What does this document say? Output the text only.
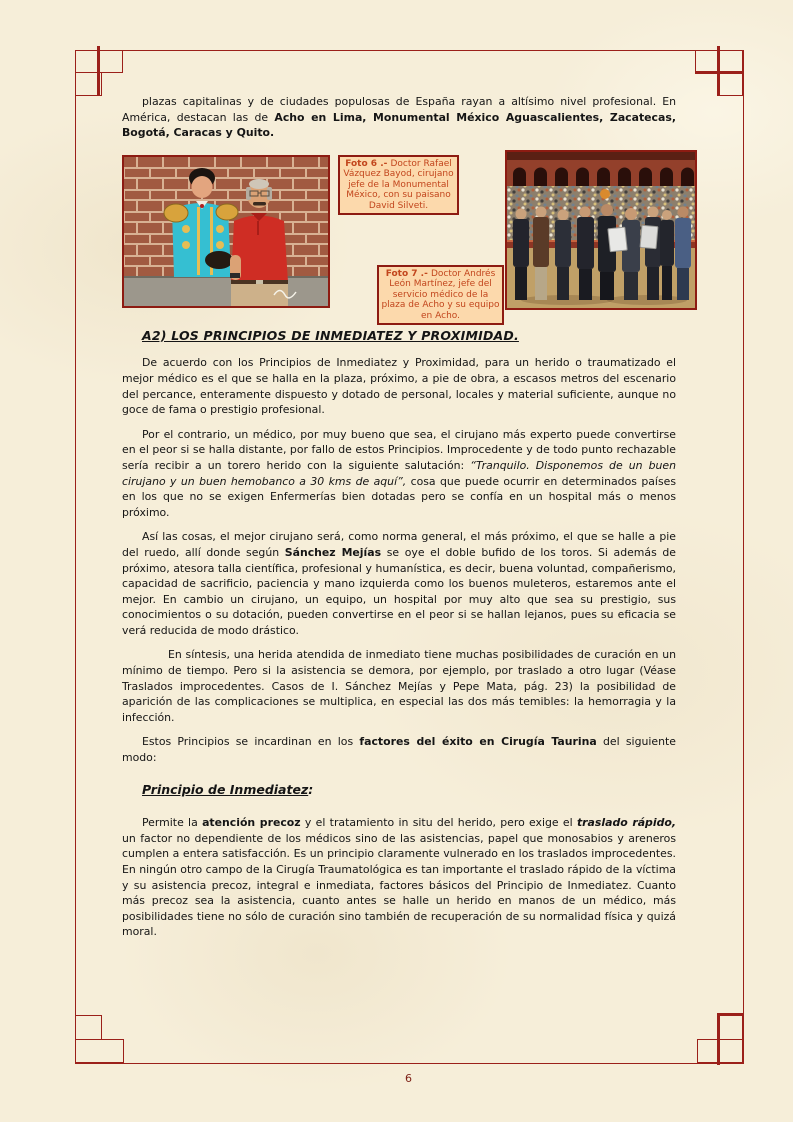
plazas capitalinas y de ciudades populosas de España rayan a altísimo nivel profesional. En América, destacan las de Acho en Lima, Monumental México Aguascalientes, Zacatecas, Bogotá, Caracas y Quito.

Foto 6 .- Doctor Rafael Vázquez Bayod, cirujano jefe de la Monumental México, con su paisano David Silveti.
Foto 7 .- Doctor Andrés León Martínez, jefe del servicio médico de la plaza de Acho y su equipo en Acho.
A2) LOS PRINCIPIOS DE INMEDIATEZ Y PROXIMIDAD.

De acuerdo con los Principios de Inmediatez y Proximidad, para un herido o traumatizado el mejor médico es el que se halla en la plaza, próximo, a pie de obra, a escasos metros del escenario del percance, enteramente dispuesto y dotado de personal, locales y material suficiente, aunque no goce de fama o prestigio profesional.

Por el contrario, un médico, por muy bueno que sea, el cirujano más experto puede convertirse en el peor si se halla distante, por fallo de estos Principios. Improcedente y de todo punto rechazable sería recibir a un torero herido con la siguiente salutación: “Tranquilo. Disponemos de un buen cirujano y un buen hemobanco a 30 kms de aquí”, cosa que puede ocurrir en determinados países en los que no se exigen Enfermerías bien dotadas pero se confía en un hospital más o menos próximo.

Así las cosas, el mejor cirujano será, como norma general, el más próximo, el que se halle a pie del ruedo, allí donde según Sánchez Mejías se oye el doble bufido de los toros. Si además de próximo, atesora talla científica, profesional y humanística, es decir, buena voluntad, compañerismo, capacidad de sacrificio, paciencia y mano izquierda como los buenos muleteros, estaremos ante el mejor. En cambio un cirujano, un equipo, un hospital por muy alto que sea su prestigio, sus conocimientos o su dotación, pueden convertirse en el peor si se hallan lejanos, pues su eficacia se verá reducida de modo drástico.

En síntesis, una herida atendida de inmediato tiene muchas posibilidades de curación en un mínimo de tiempo. Pero si la asistencia se demora, por ejemplo, por traslado a otro lugar (Véase Traslados improcedentes. Casos de I. Sánchez Mejías y Pepe Mata, pág. 23) la posibilidad de aparición de las complicaciones se multiplica, en especial las dos más temibles: la hemorragia y la infección.

Estos Principios se incardinan en los factores del éxito en Cirugía Taurina del siguiente modo:

Principio de Inmediatez:

Permite la atención precoz y el tratamiento in situ del herido, pero exige el traslado rápido, un factor no dependiente de los médicos sino de las asistencias, papel que monosabios y areneros cumplen a entera satisfacción. Es un principio claramente vulnerado en los traslados improcedentes. En ningún otro campo de la Cirugía Traumatológica es tan importante el traslado rápido de la víctima y su asistencia precoz, integral e inmediata, factores básicos del Principio de Inmediatez. Cuanto más precoz sea la asistencia, cuanto antes se halle un herido en manos de un médico, más posibilidades tiene no sólo de curación sino también de recuperación de su normalidad física y quizá moral.

6
